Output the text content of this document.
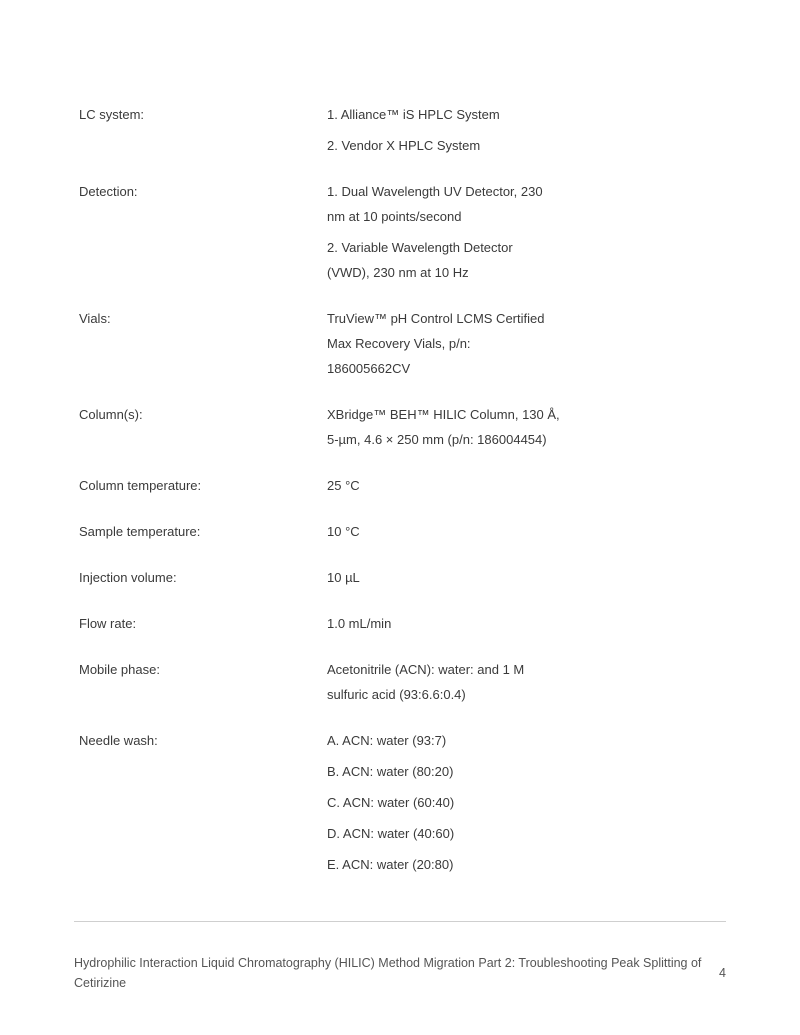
LC system:	1. Alliance™ iS HPLC System
2. Vendor X HPLC System
Detection:	1. Dual Wavelength UV Detector, 230 nm at 10 points/second
2. Variable Wavelength Detector (VWD), 230 nm at 10 Hz
Vials:	TruView™ pH Control LCMS Certified Max Recovery Vials, p/n: 186005662CV
Column(s):	XBridge™ BEH™ HILIC Column, 130 Å, 5-µm, 4.6 × 250 mm (p/n: 186004454)
Column temperature:	25 °C
Sample temperature:	10 °C
Injection volume:	10 µL
Flow rate:	1.0 mL/min
Mobile phase:	Acetonitrile (ACN): water: and 1 M sulfuric acid (93:6.6:0.4)
Needle wash:	A. ACN: water (93:7)
B. ACN: water (80:20)
C. ACN: water (60:40)
D. ACN: water (40:60)
E. ACN: water (20:80)
Hydrophilic Interaction Liquid Chromatography (HILIC) Method Migration Part 2: Troubleshooting Peak Splitting of Cetirizine
4
